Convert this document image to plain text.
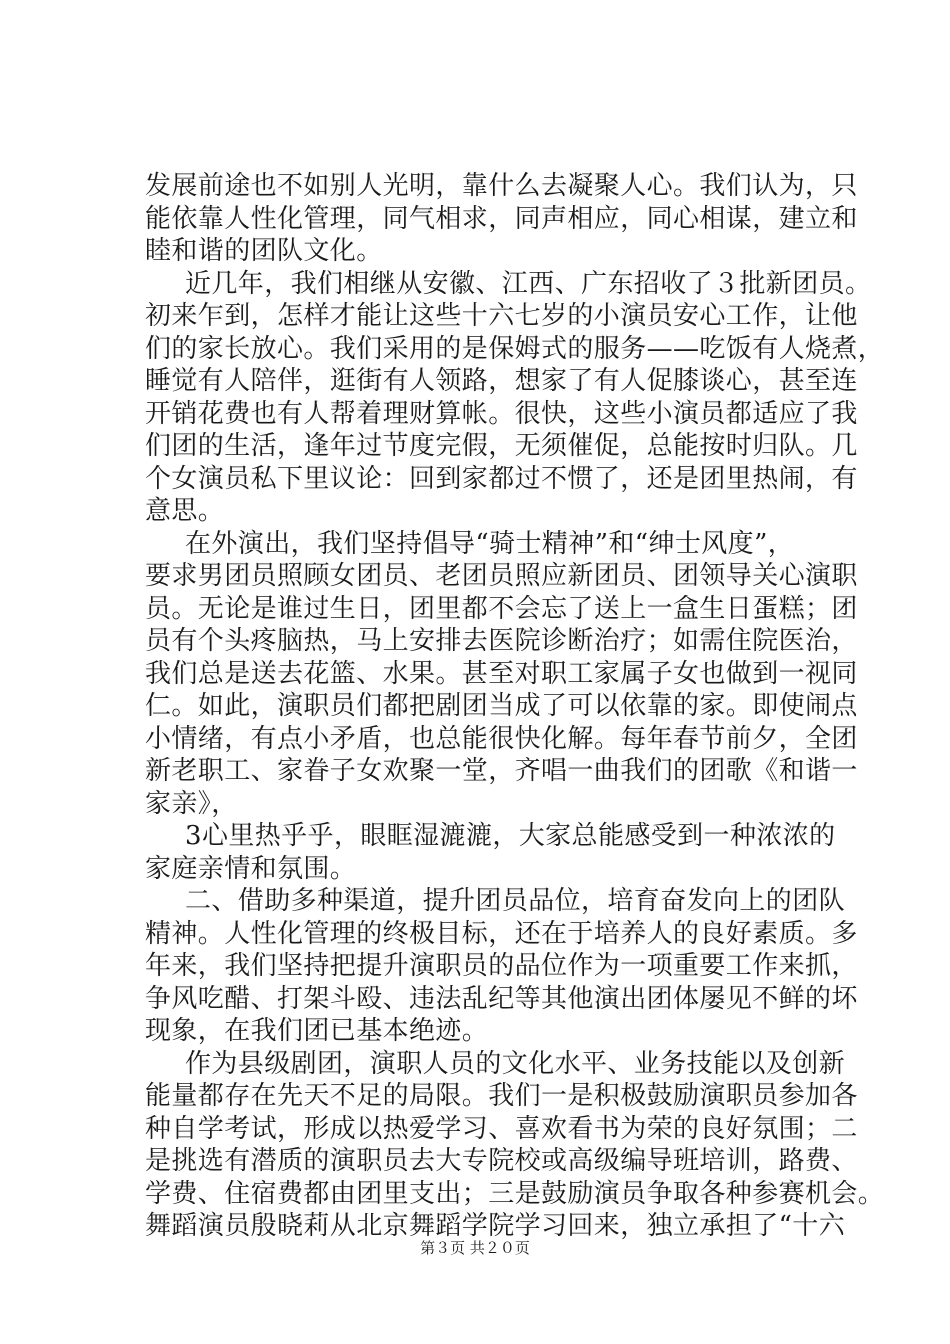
发展前途也不如别人光明，靠什么去凝聚人心。我们认为，只
能依靠人性化管理，同气相求，同声相应，同心相谋，建立和
睦和谐的团队文化。
近几年，我们相继从安徽、江西、广东招收了３批新团员。
初来乍到，怎样才能让这些十六七岁的小演员安心工作，让他
们的家长放心。我们采用的是保姆式的服务——吃饭有人烧煮，
睡觉有人陪伴，逛街有人领路，想家了有人促膝谈心，甚至连
开销花费也有人帮着理财算帐。很快，这些小演员都适应了我
们团的生活，逢年过节度完假，无须催促，总能按时归队。几
个女演员私下里议论：回到家都过不惯了，还是团里热闹，有
意思。
在外演出，我们坚持倡导“骑士精神”和“绅士风度”，
要求男团员照顾女团员、老团员照应新团员、团领导关心演职
员。无论是谁过生日，团里都不会忘了送上一盒生日蛋糕；团
员有个头疼脑热，马上安排去医院诊断治疗；如需住院医治，
我们总是送去花篮、水果。甚至对职工家属子女也做到一视同
仁。如此，演职员们都把剧团当成了可以依靠的家。即使闹点
小情绪，有点小矛盾，也总能很快化解。每年春节前夕，全团
新老职工、家眷子女欢聚一堂，齐唱一曲我们的团歌《和谐一
家亲》，
3心里热乎乎，眼眶湿漉漉，大家总能感受到一种浓浓的
家庭亲情和氛围。
二、借助多种渠道，提升团员品位，培育奋发向上的团队
精神。人性化管理的终极目标，还在于培养人的良好素质。多
年来，我们坚持把提升演职员的品位作为一项重要工作来抓，
争风吃醋、打架斗殴、违法乱纪等其他演出团体屡见不鲜的坏
现象，在我们团已基本绝迹。
作为县级剧团，演职人员的文化水平、业务技能以及创新
能量都存在先天不足的局限。我们一是积极鼓励演职员参加各
种自学考试，形成以热爱学习、喜欢看书为荣的良好氛围；二
是挑选有潜质的演职员去大专院校或高级编导班培训，路费、
学费、住宿费都由团里支出；三是鼓励演员争取各种参赛机会。
舞蹈演员殷晓莉从北京舞蹈学院学习回来，独立承担了“十六
第３页 共２０页
